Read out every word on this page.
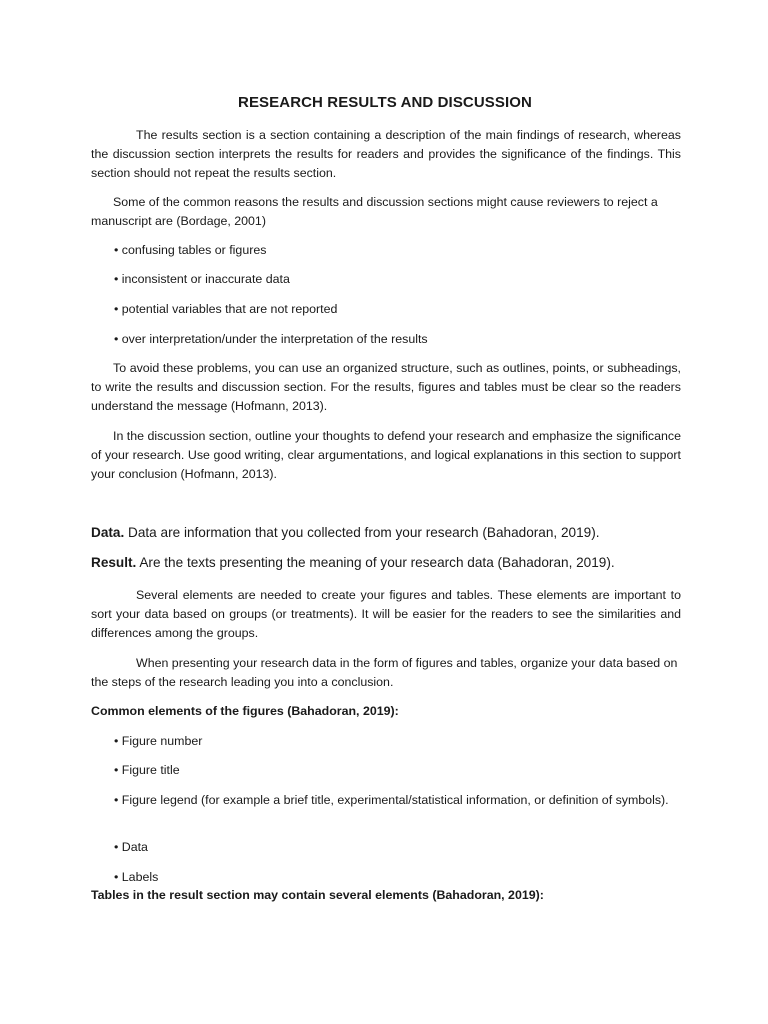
RESEARCH RESULTS AND DISCUSSION

The results section is a section containing a description of the main findings of research, whereas the discussion section interprets the results for readers and provides the significance of the findings. This section should not repeat the results section.

Some of the common reasons the results and discussion sections might cause reviewers to reject a manuscript are (Bordage, 2001)

• confusing tables or figures

• inconsistent or inaccurate data

• potential variables that are not reported

• over interpretation/under the interpretation of the results

To avoid these problems, you can use an organized structure, such as outlines, points, or subheadings, to write the results and discussion section. For the results, figures and tables must be clear so the readers understand the message (Hofmann, 2013).

In the discussion section, outline your thoughts to defend your research and emphasize the significance of your research. Use good writing, clear argumentations, and logical explanations in this section to support your conclusion (Hofmann, 2013).

Data. Data are information that you collected from your research (Bahadoran, 2019).

Result. Are the texts presenting the meaning of your research data (Bahadoran, 2019).

Several elements are needed to create your figures and tables. These elements are important to sort your data based on groups (or treatments). It will be easier for the readers to see the similarities and differences among the groups.

When presenting your research data in the form of figures and tables, organize your data based on the steps of the research leading you into a conclusion.

Common elements of the figures (Bahadoran, 2019):

• Figure number

• Figure title

• Figure legend (for example a brief title, experimental/statistical information, or definition of symbols).

• Data

• Labels

Tables in the result section may contain several elements (Bahadoran, 2019):
